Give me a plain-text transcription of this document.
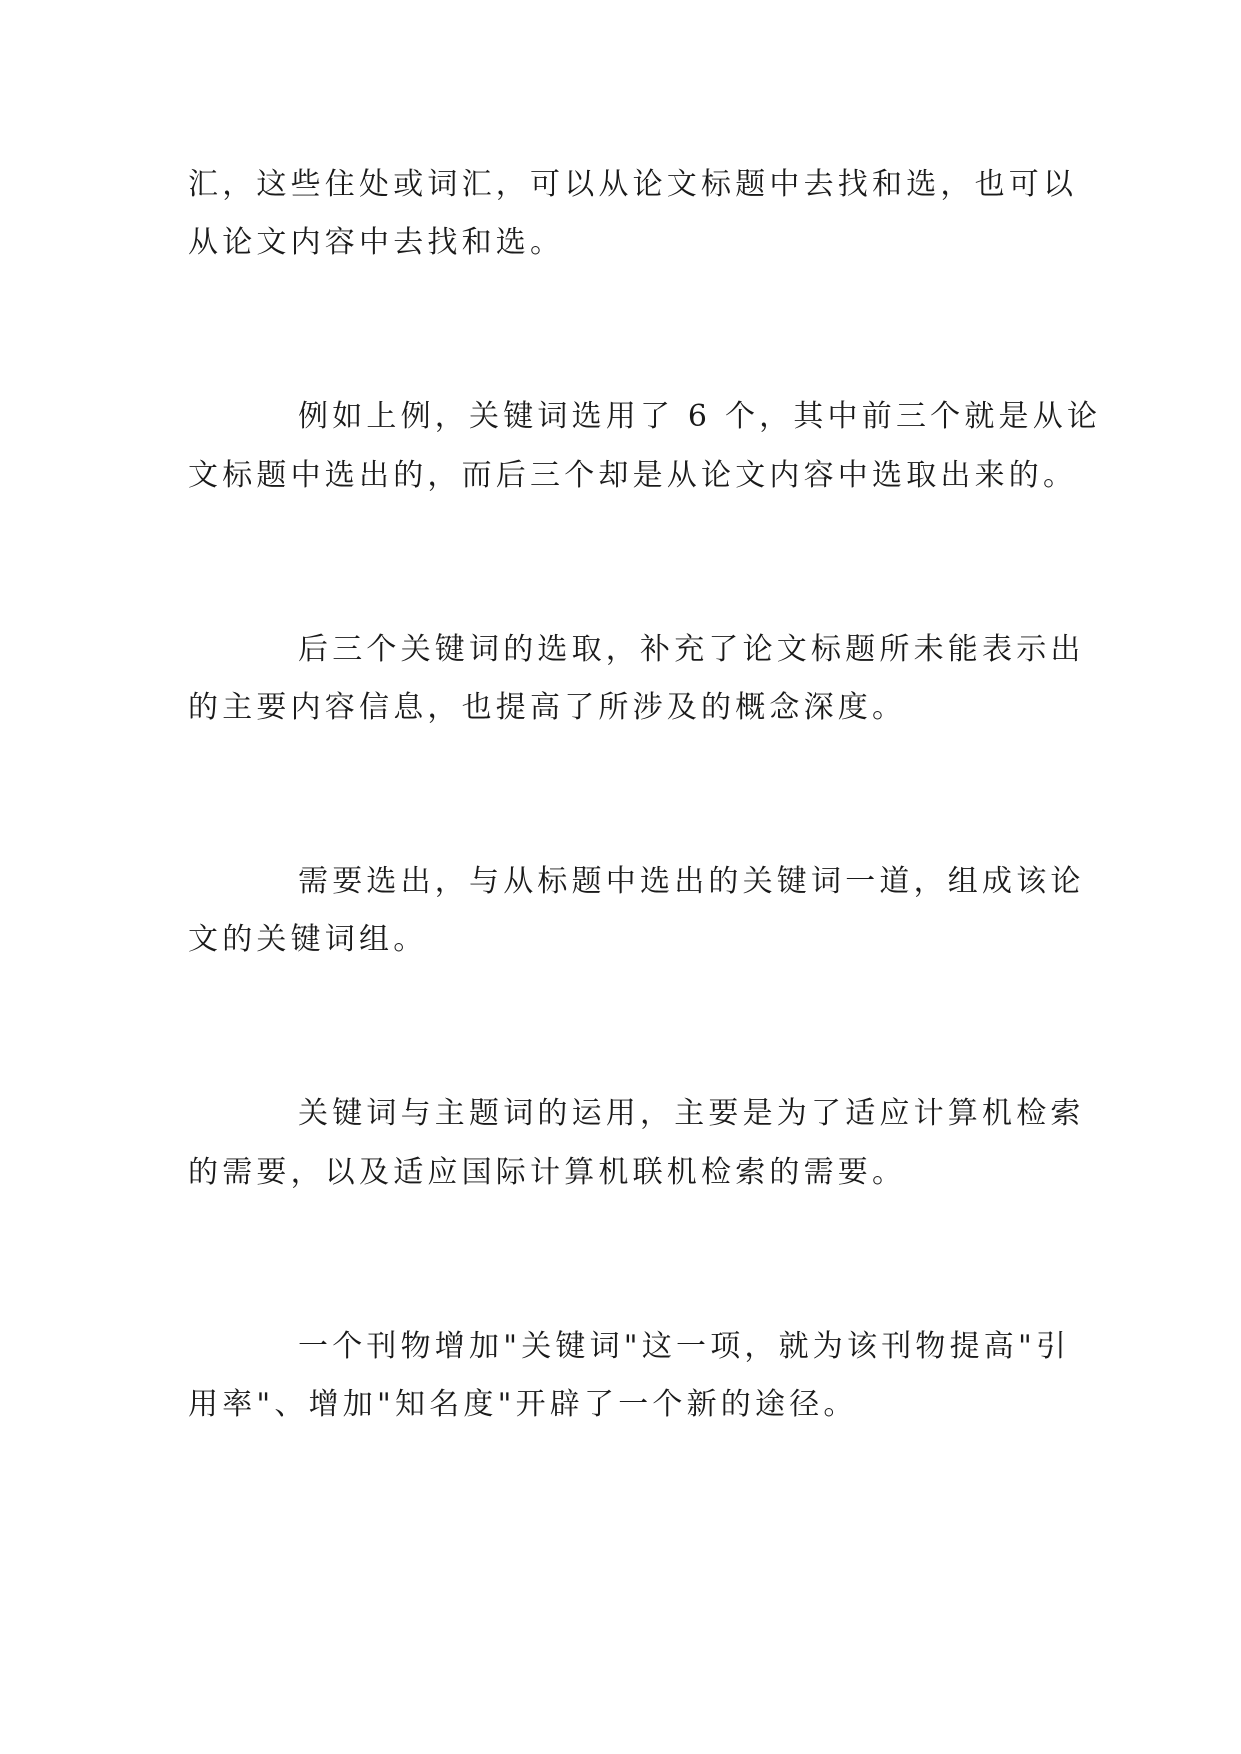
汇，这些住处或词汇，可以从论文标题中去找和选，也可以
从论文内容中去找和选。
例如上例，关键词选用了 6 个，其中前三个就是从论
文标题中选出的，而后三个却是从论文内容中选取出来的。
后三个关键词的选取，补充了论文标题所未能表示出
的主要内容信息，也提高了所涉及的概念深度。
需要选出，与从标题中选出的关键词一道，组成该论
文的关键词组。
关键词与主题词的运用，主要是为了适应计算机检索
的需要，以及适应国际计算机联机检索的需要。
一个刊物增加"关键词"这一项，就为该刊物提高"引
用率"、增加"知名度"开辟了一个新的途径。
